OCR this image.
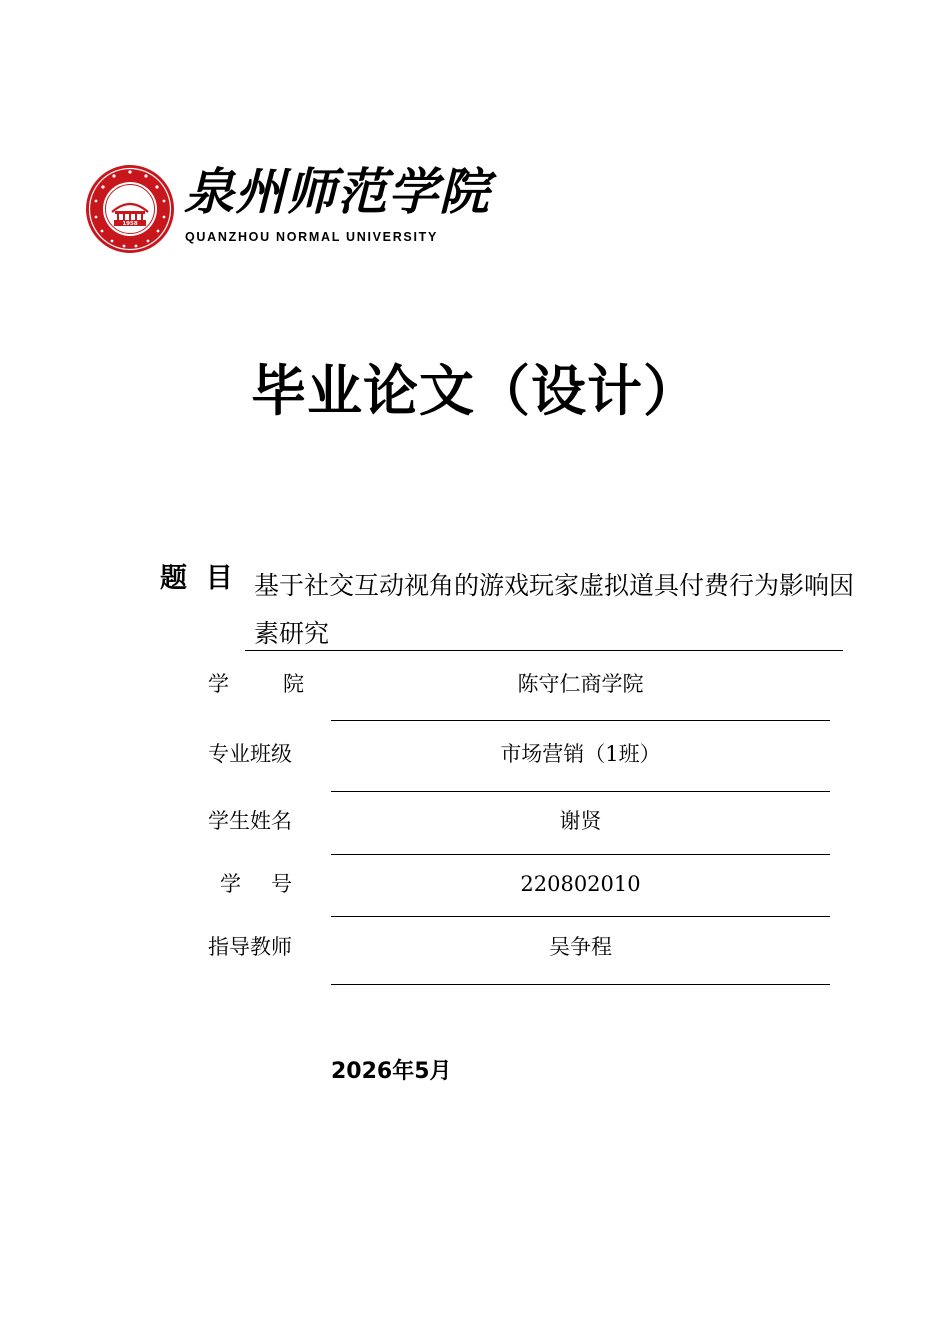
1958
泉州师范学院
QUANZHOU NORMAL UNIVERSITY
毕业论文（设计）
题  目 基于社交互动视角的游戏玩家虚拟道具付费行为影响因素研究
学院	陈守仁商学院
专业班级	市场营销（1班）
学生姓名	谢贤
学号	220802010
指导教师	吴争程
2026年5月
